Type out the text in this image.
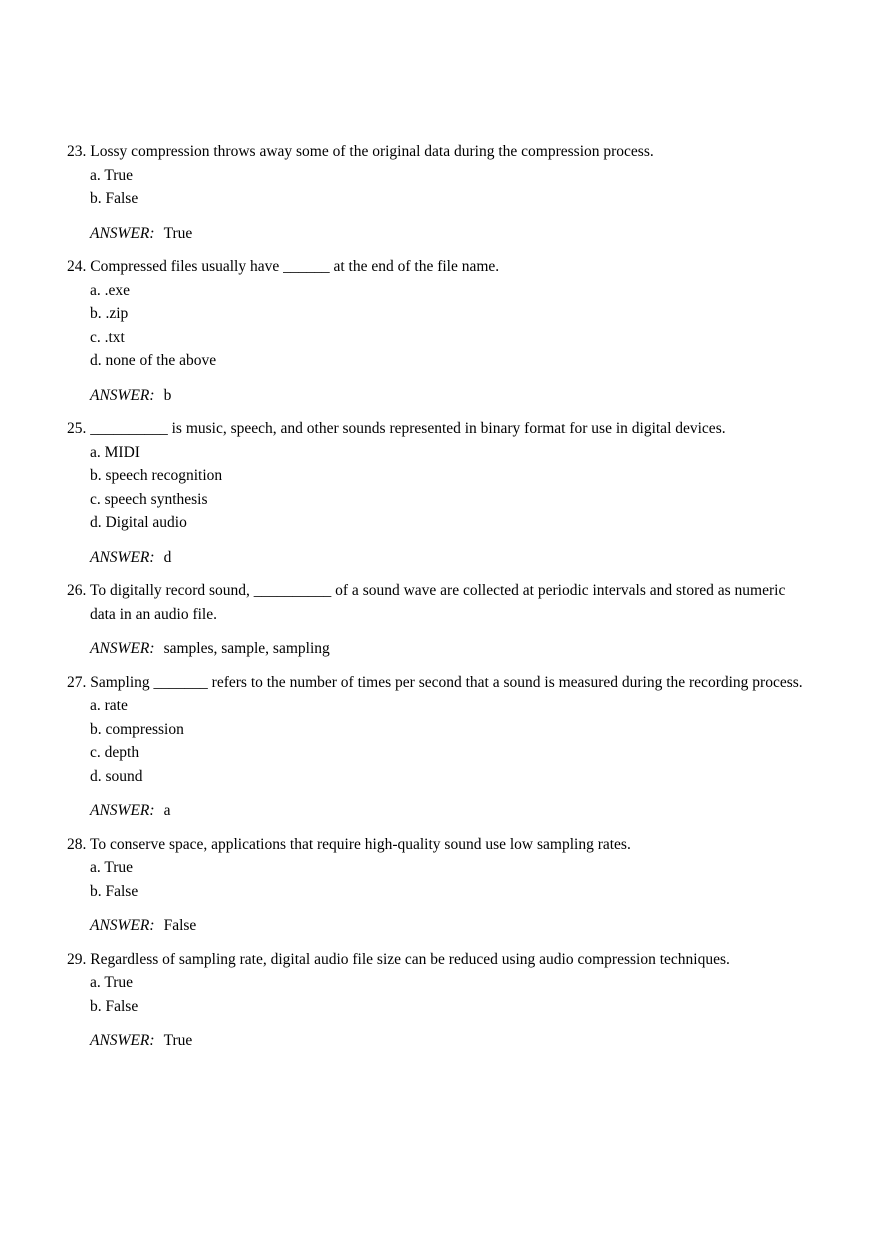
23. Lossy compression throws away some of the original data during the compression process.
a. True
b. False
ANSWER: True
24. Compressed files usually have ______ at the end of the file name.
a. .exe
b. .zip
c. .txt
d. none of the above
ANSWER: b
25. __________ is music, speech, and other sounds represented in binary format for use in digital devices.
a. MIDI
b. speech recognition
c. speech synthesis
d. Digital audio
ANSWER: d
26. To digitally record sound, __________ of a sound wave are collected at periodic intervals and stored as numeric data in an audio file.
ANSWER: samples, sample, sampling
27. Sampling _______ refers to the number of times per second that a sound is measured during the recording process.
a. rate
b. compression
c. depth
d. sound
ANSWER: a
28. To conserve space, applications that require high-quality sound use low sampling rates.
a. True
b. False
ANSWER: False
29. Regardless of sampling rate, digital audio file size can be reduced using audio compression techniques.
a. True
b. False
ANSWER: True
